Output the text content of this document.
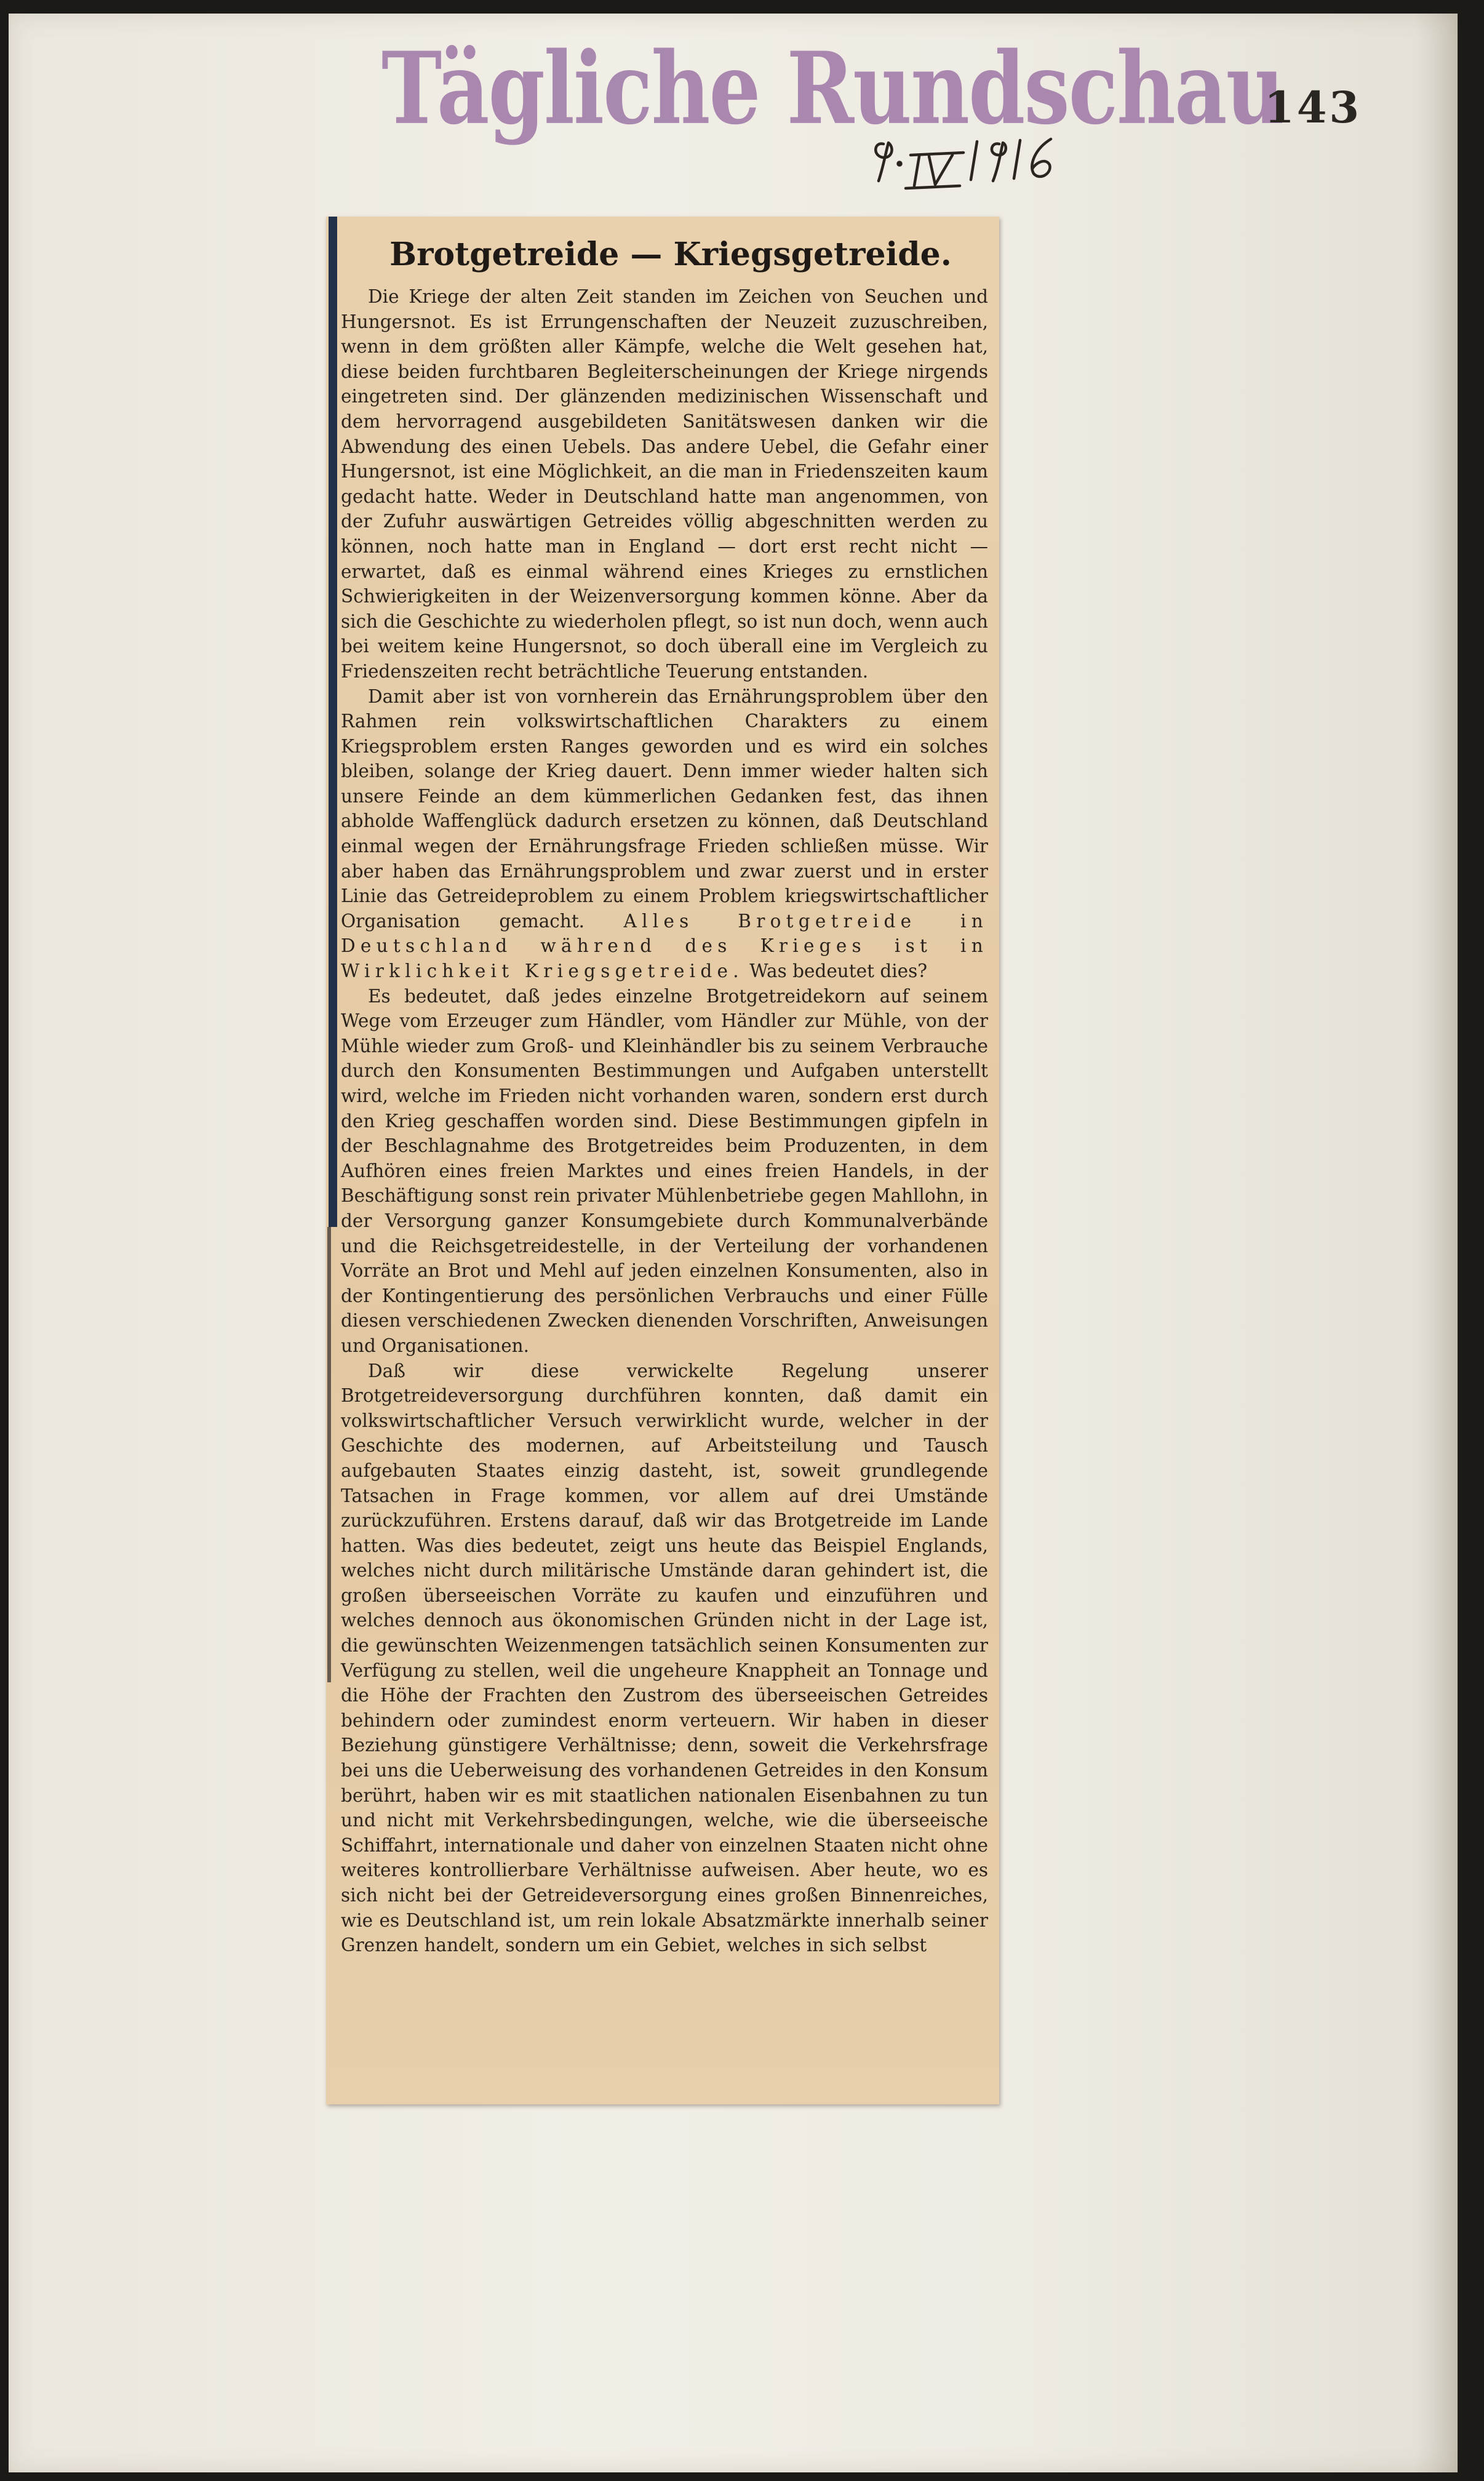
Tägliche Rundschau
143
Brotgetreide — Kriegsgetreide.

Die Kriege der alten Zeit standen im Zeichen von Seuchen und Hungersnot. Es ist Errungenschaften der Neuzeit zuzuschreiben, wenn in dem größten aller Kämpfe, welche die Welt gesehen hat, diese beiden furchtbaren Begleiterscheinungen der Kriege nirgends eingetreten sind. Der glänzenden medizinischen Wissenschaft und dem hervorragend ausgebildeten Sanitätswesen danken wir die Abwendung des einen Uebels. Das andere Uebel, die Gefahr einer Hungersnot, ist eine Möglichkeit, an die man in Friedenszeiten kaum gedacht hatte. Weder in Deutschland hatte man angenommen, von der Zufuhr auswärtigen Getreides völlig abgeschnitten werden zu können, noch hatte man in England — dort erst recht nicht — erwartet, daß es einmal während eines Krieges zu ernstlichen Schwierigkeiten in der Weizenversorgung kommen könne. Aber da sich die Geschichte zu wiederholen pflegt, so ist nun doch, wenn auch bei weitem keine Hungersnot, so doch überall eine im Vergleich zu Friedenszeiten recht beträchtliche Teuerung entstanden.

Damit aber ist von vornherein das Ernährungsproblem über den Rahmen rein volkswirtschaftlichen Charakters zu einem Kriegsproblem ersten Ranges geworden und es wird ein solches bleiben, solange der Krieg dauert. Denn immer wieder halten sich unsere Feinde an dem kümmerlichen Gedanken fest, das ihnen abholde Waffenglück dadurch ersetzen zu können, daß Deutschland einmal wegen der Ernährungsfrage Frieden schließen müsse. Wir aber haben das Ernährungsproblem und zwar zuerst und in erster Linie das Getreideproblem zu einem Problem kriegswirtschaftlicher Organisation gemacht. Alles Brotgetreide in Deutschland während des Krieges ist in Wirklichkeit Kriegsgetreide. Was bedeutet dies?

Es bedeutet, daß jedes einzelne Brotgetreidekorn auf seinem Wege vom Erzeuger zum Händler, vom Händler zur Mühle, von der Mühle wieder zum Groß- und Kleinhändler bis zu seinem Verbrauche durch den Konsumenten Bestimmungen und Aufgaben unterstellt wird, welche im Frieden nicht vorhanden waren, sondern erst durch den Krieg geschaffen worden sind. Diese Bestimmungen gipfeln in der Beschlagnahme des Brotgetreides beim Produzenten, in dem Aufhören eines freien Marktes und eines freien Handels, in der Beschäftigung sonst rein privater Mühlenbetriebe gegen Mahllohn, in der Versorgung ganzer Konsumgebiete durch Kommunalverbände und die Reichsgetreidestelle, in der Verteilung der vorhandenen Vorräte an Brot und Mehl auf jeden einzelnen Konsumenten, also in der Kontingentierung des persönlichen Verbrauchs und einer Fülle diesen verschiedenen Zwecken dienenden Vorschriften, Anweisungen und Organisationen.

Daß wir diese verwickelte Regelung unserer Brotgetreideversorgung durchführen konnten, daß damit ein volkswirtschaftlicher Versuch verwirklicht wurde, welcher in der Geschichte des modernen, auf Arbeitsteilung und Tausch aufgebauten Staates einzig dasteht, ist, soweit grundlegende Tatsachen in Frage kommen, vor allem auf drei Umstände zurückzuführen. Erstens darauf, daß wir das Brotgetreide im Lande hatten. Was dies bedeutet, zeigt uns heute das Beispiel Englands, welches nicht durch militärische Umstände daran gehindert ist, die großen überseeischen Vorräte zu kaufen und einzuführen und welches dennoch aus ökonomischen Gründen nicht in der Lage ist, die gewünschten Weizenmengen tatsächlich seinen Konsumenten zur Verfügung zu stellen, weil die ungeheure Knappheit an Tonnage und die Höhe der Frachten den Zustrom des überseeischen Getreides behindern oder zumindest enorm verteuern. Wir haben in dieser Beziehung günstigere Verhältnisse; denn, soweit die Verkehrsfrage bei uns die Ueberweisung des vorhandenen Getreides in den Konsum berührt, haben wir es mit staatlichen nationalen Eisenbahnen zu tun und nicht mit Verkehrsbedingungen, welche, wie die überseeische Schiffahrt, internationale und daher von einzelnen Staaten nicht ohne weiteres kontrollierbare Verhältnisse aufweisen. Aber heute, wo es sich nicht bei der Getreideversorgung eines großen Binnenreiches, wie es Deutschland ist, um rein lokale Absatzmärkte innerhalb seiner Grenzen handelt, sondern um ein Gebiet, welches in sich selbst
